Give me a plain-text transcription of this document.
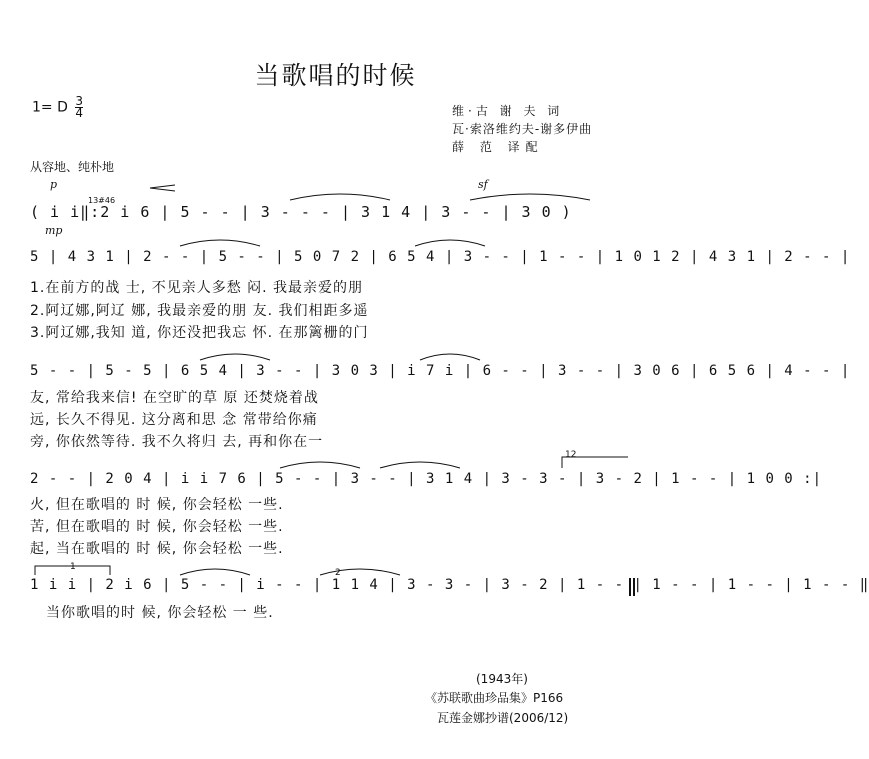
当歌唱的时候
1= D $\frac{3}{4}$	维·古 谢 夫 词
瓦·索洛维约夫-谢多伊曲
薛 范 译配
从容地、纯朴地
p
mp
sf
13#46
( i i‖:2 i 6 | 5 - - | 3 - - - | 3 1 4 | 3 - - | 3 0 )
5 | 4 3 1 | 2 - - | 5 - - | 5 0 7 2 | 6 5 4 | 3 - - | 1 - - | 1 0 1 2 | 4 3 1 | 2 - - |
1.在前方的战 士, 不见亲人多愁 闷. 我最亲爱的朋
2.阿辽娜,阿辽 娜, 我最亲爱的朋 友. 我们相距多遥
3.阿辽娜,我知 道, 你还没把我忘 怀. 在那篱栅的门
5 - - | 5 - 5 | 6 5 4 | 3 - - | 3 0 3 | i 7 i | 6 - - | 3 - - | 3 0 6 | 6 5 6 | 4 - - |
友, 常给我来信! 在空旷的草 原 还焚烧着战
远, 长久不得见. 这分离和思 念 常带给你痛
旁, 你依然等待. 我不久将归 去, 再和你在一
12
2 - - | 2 0 4 | i i 7 6 | 5 - - | 3 - - | 3 1 4 | 3 - 3 - | 3 - 2 | 1 - - | 1 0 0 :|
火, 但在歌唱的 时 候, 你会轻松 一些.
苦, 但在歌唱的 时 候, 你会轻松 一些.
起, 当在歌唱的 时 候, 你会轻松 一些.
1
2
1 i i | 2 i 6 | 5 - - | i - - | 1 1 4 | 3 - 3 - | 3 - 2 | 1 - - | 1 - - | 1 - - | 1 - - ‖
当你歌唱的时 候, 你会轻松 一 些.
(1943年)
《苏联歌曲珍品集》P166
瓦莲金娜抄谱(2006/12)
